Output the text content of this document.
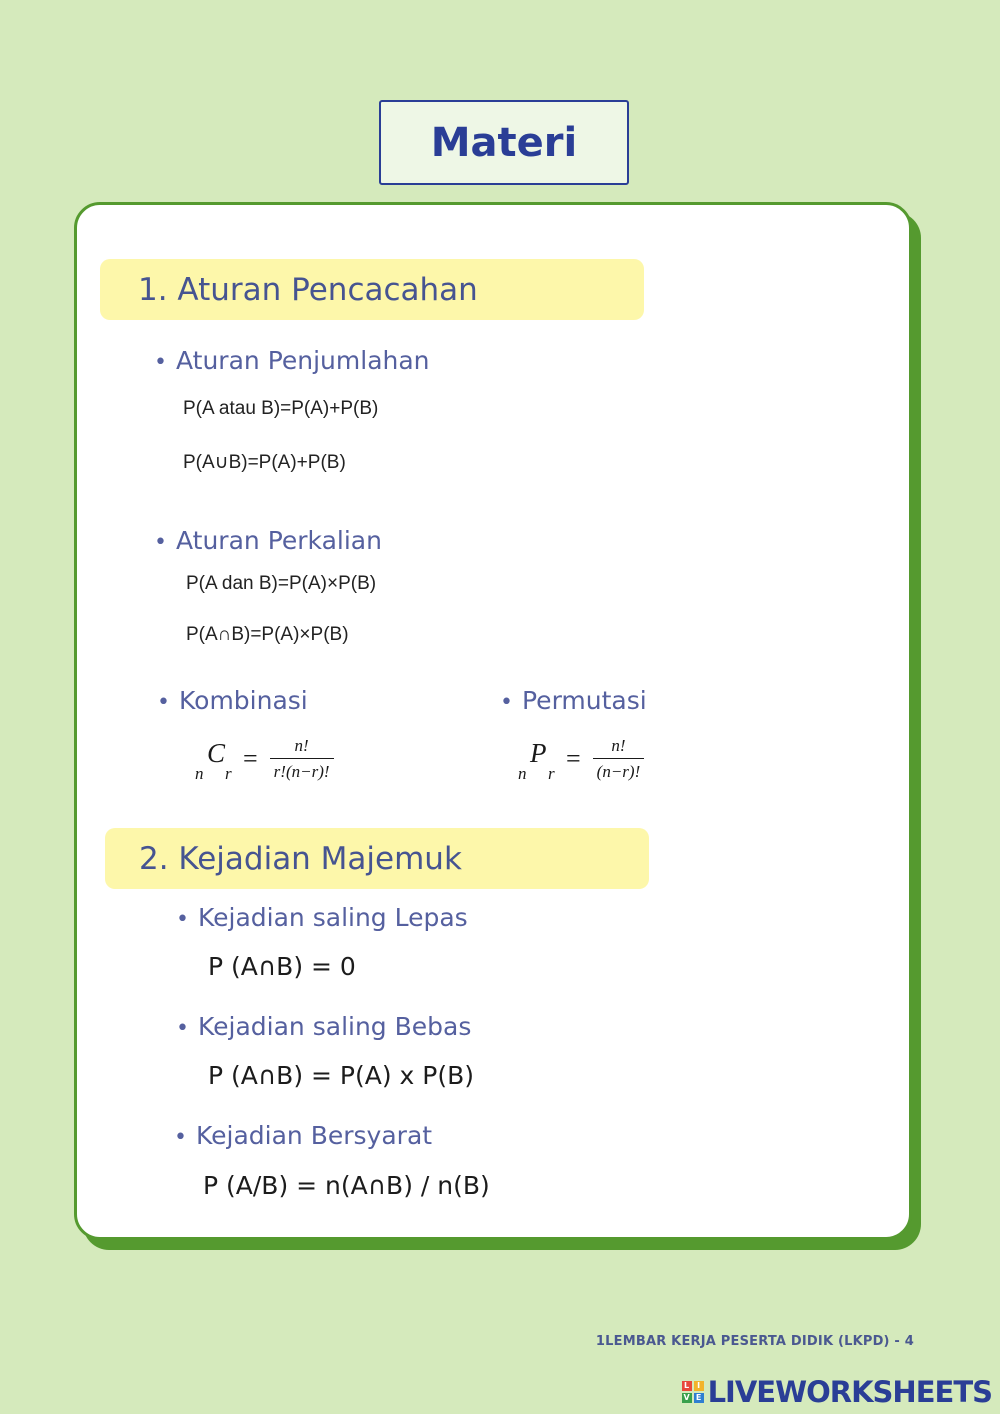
Materi
1. Aturan Pencacahan
• Aturan Penjumlahan
P(A atau B)=P(A)+P(B)
P(A∪B)=P(A)+P(B)
• Aturan Perkalian
P(A dan B)=P(A)×P(B)
P(A∩B)=P(A)×P(B)
• Kombinasi
n
C
r
= $\frac{n!}{r!(n-r)!}$
• Permutasi
n
P
r
= $\frac{n!}{(n-r)!}$
2. Kejadian Majemuk
• Kejadian saling Lepas
P (A∩B) = 0
• Kejadian saling Bebas
P (A∩B) = P(A) x P(B)
• Kejadian Bersyarat
P (A/B) = n(A∩B) / n(B)
1LEMBAR KERJA PESERTA DIDIK (LKPD) - 4
L I
V E LIVEWORKSHEETS
